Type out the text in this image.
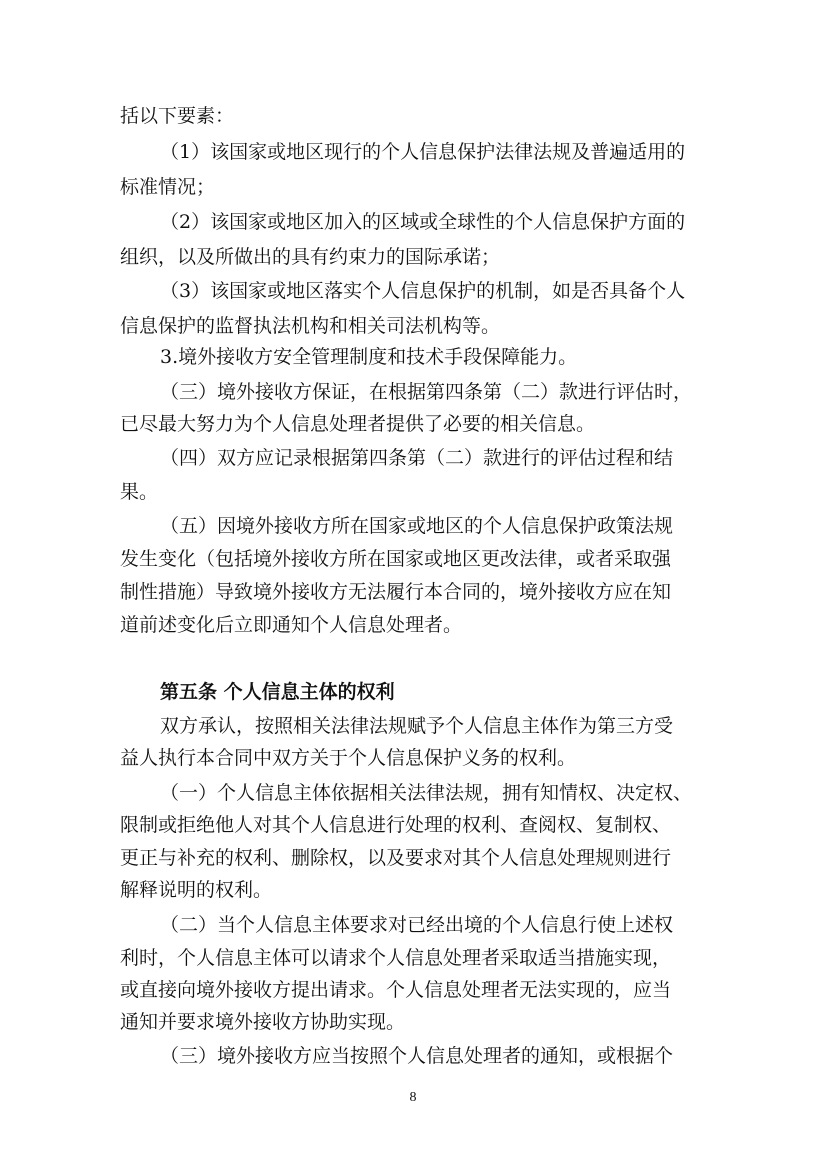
括以下要素：
（1）该国家或地区现行的个人信息保护法律法规及普遍适用的
标准情况；
（2）该国家或地区加入的区域或全球性的个人信息保护方面的
组织，以及所做出的具有约束力的国际承诺；
（3）该国家或地区落实个人信息保护的机制，如是否具备个人
信息保护的监督执法机构和相关司法机构等。
3.境外接收方安全管理制度和技术手段保障能力。
（三）境外接收方保证，在根据第四条第（二）款进行评估时，
已尽最大努力为个人信息处理者提供了必要的相关信息。
（四）双方应记录根据第四条第（二）款进行的评估过程和结
果。
（五）因境外接收方所在国家或地区的个人信息保护政策法规
发生变化（包括境外接收方所在国家或地区更改法律，或者采取强
制性措施）导致境外接收方无法履行本合同的，境外接收方应在知
道前述变化后立即通知个人信息处理者。
第五条 个人信息主体的权利
双方承认，按照相关法律法规赋予个人信息主体作为第三方受
益人执行本合同中双方关于个人信息保护义务的权利。
（一）个人信息主体依据相关法律法规，拥有知情权、决定权、
限制或拒绝他人对其个人信息进行处理的权利、查阅权、复制权、
更正与补充的权利、删除权，以及要求对其个人信息处理规则进行
解释说明的权利。
（二）当个人信息主体要求对已经出境的个人信息行使上述权
利时，个人信息主体可以请求个人信息处理者采取适当措施实现，
或直接向境外接收方提出请求。个人信息处理者无法实现的，应当
通知并要求境外接收方协助实现。
（三）境外接收方应当按照个人信息处理者的通知，或根据个
8
